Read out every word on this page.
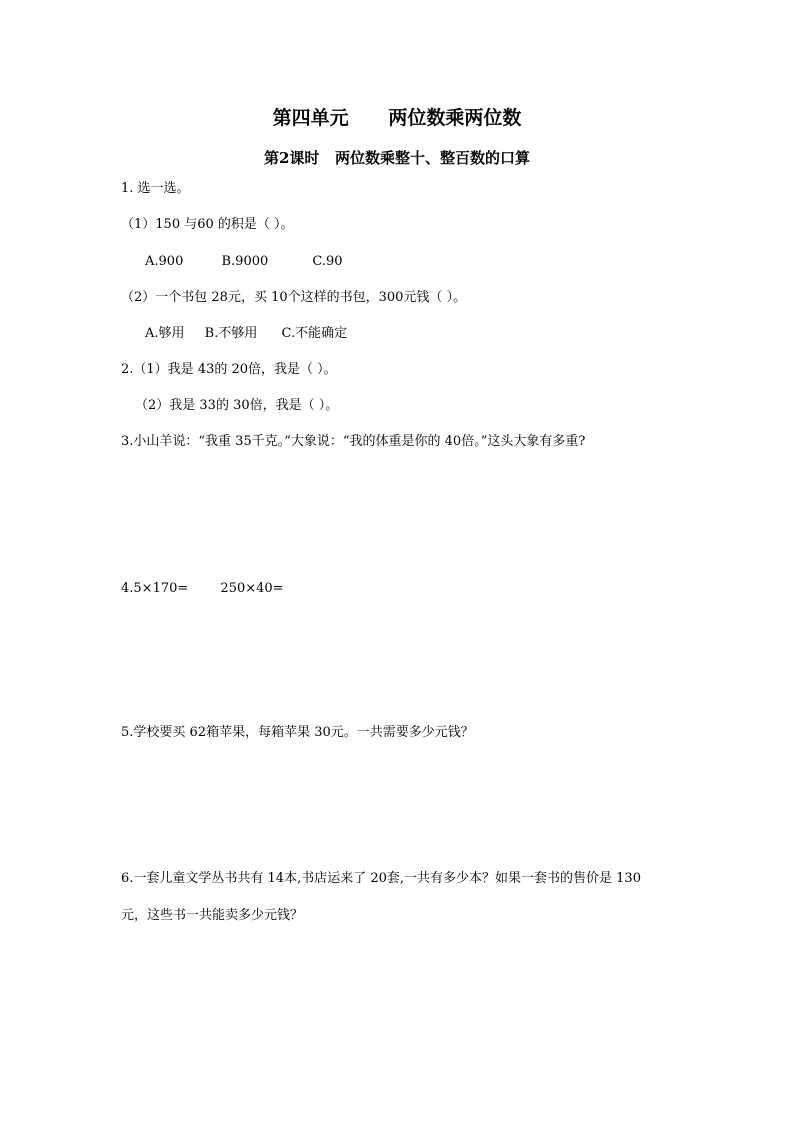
第四单元      两位数乘两位数
第2课时   两位数乘整十、整百数的口算
1. 选一选。
（1）150 与60 的积是（ ）。
A.900	B.9000	C.90
（2）一个书包 28元，买 10个这样的书包，300元钱（ ）。
A.够用 B.不够用 C.不能确定
2.（1）我是 43的 20倍，我是（ ）。
（2）我是 33的 30倍，我是（ ）。
3.小山羊说：“我重 35千克。”大象说：“我的体重是你的 40倍。”这头大象有多重?
4.5×170= 250×40=
5.学校要买 62箱苹果，每箱苹果 30元。一共需要多少元钱？
6.一套儿童文学丛书共有 14本,书店运来了 20套,一共有多少本？如果一套书的售价是 130
元，这些书一共能卖多少元钱？
